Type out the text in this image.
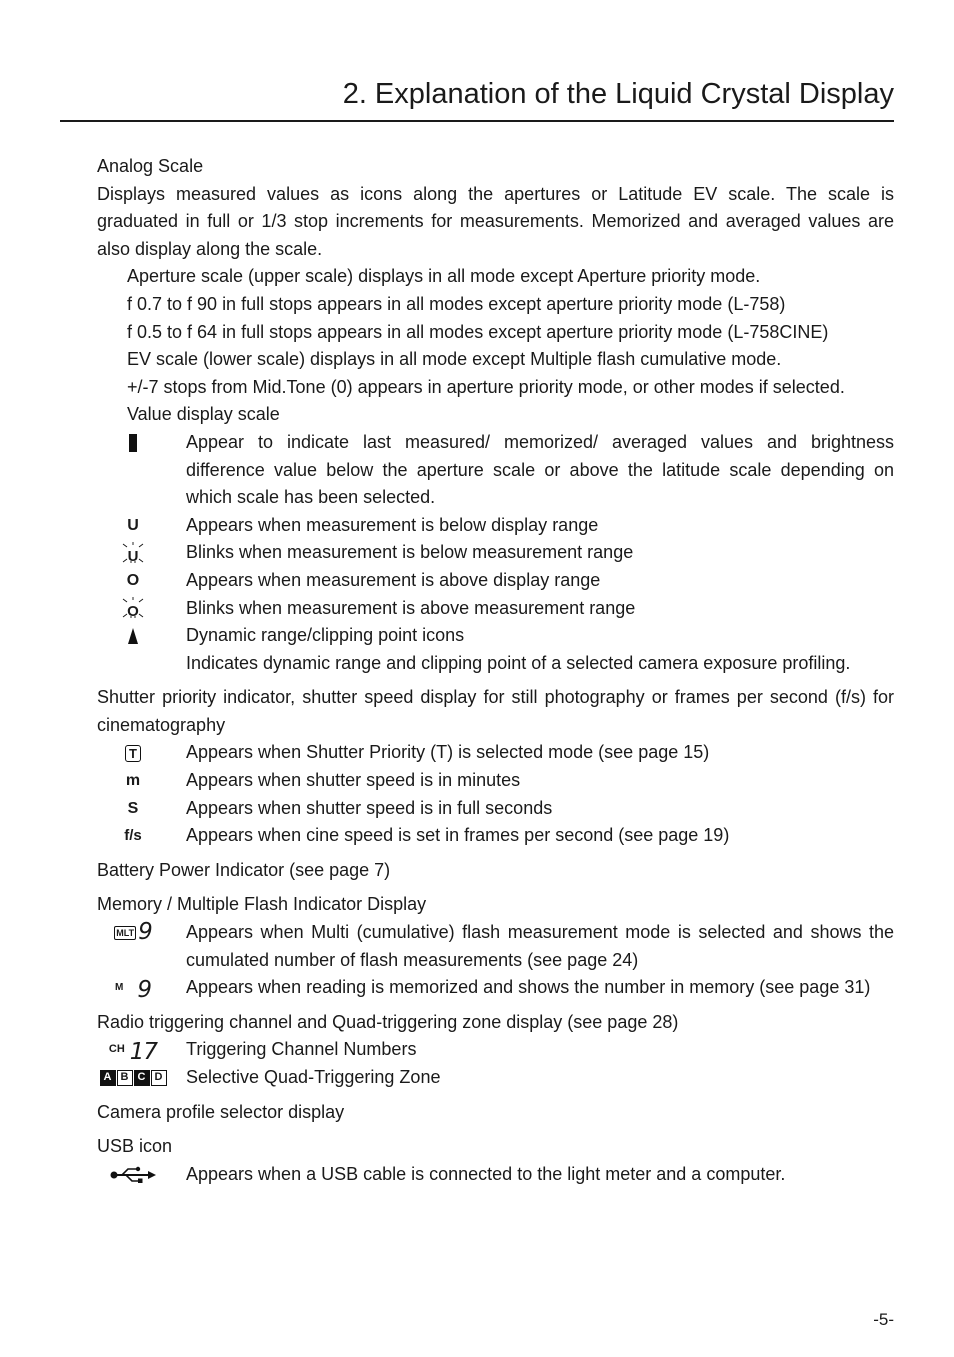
2. Explanation of the Liquid Crystal Display

Analog Scale

Displays measured values as icons along the apertures or Latitude EV scale. The scale is graduated in full or 1/3 stop increments for measurements. Memorized and averaged values are also display along the scale.

Aperture scale (upper scale) displays in all mode except Aperture priority mode.

f 0.7 to f 90 in full stops appears in all modes except aperture priority mode (L-758)

f 0.5 to f 64 in full stops appears in all modes except aperture priority mode (L-758CINE)

EV scale (lower scale) displays in all mode except Multiple flash cumulative mode.

+/-7 stops from Mid.Tone (0) appears in aperture priority mode, or other modes if selected.

Value display scale

Appear to indicate last measured/ memorized/ averaged values and brightness difference value below the aperture scale or above the latitude scale depending on which scale has been selected.
U	Appears when measurement is below display range
U	Blinks when measurement is below measurement range
O	Appears when measurement is above display range
O	Blinks when measurement is above measurement range
Dynamic range/clipping point icons

Indicates dynamic range and clipping point of a selected camera exposure profiling.

Shutter priority indicator, shutter speed display for still photography or frames per second (f/s) for cinematography

T	Appears when Shutter Priority (T) is selected mode (see page 15)
m	Appears when shutter speed is in minutes
S	Appears when shutter speed is in full seconds
f/s Appears when cine speed is set in frames per second (see page 19)

Battery Power Indicator (see page 7)

Memory / Multiple Flash Indicator Display

MLT 9 Appears when Multi (cumulative) flash measurement mode is selected and shows the cumulated number of flash measurements (see page 24)
M 9 Appears when reading is memorized and shows the number in memory (see page 31)

Radio triggering channel and Quad-triggering zone display (see page 28)

CH 17 Triggering Channel Numbers
A B C D Selective Quad-Triggering Zone

Camera profile selector display

USB icon

Appears when a USB cable is connected to the light meter and a computer.
-5-
